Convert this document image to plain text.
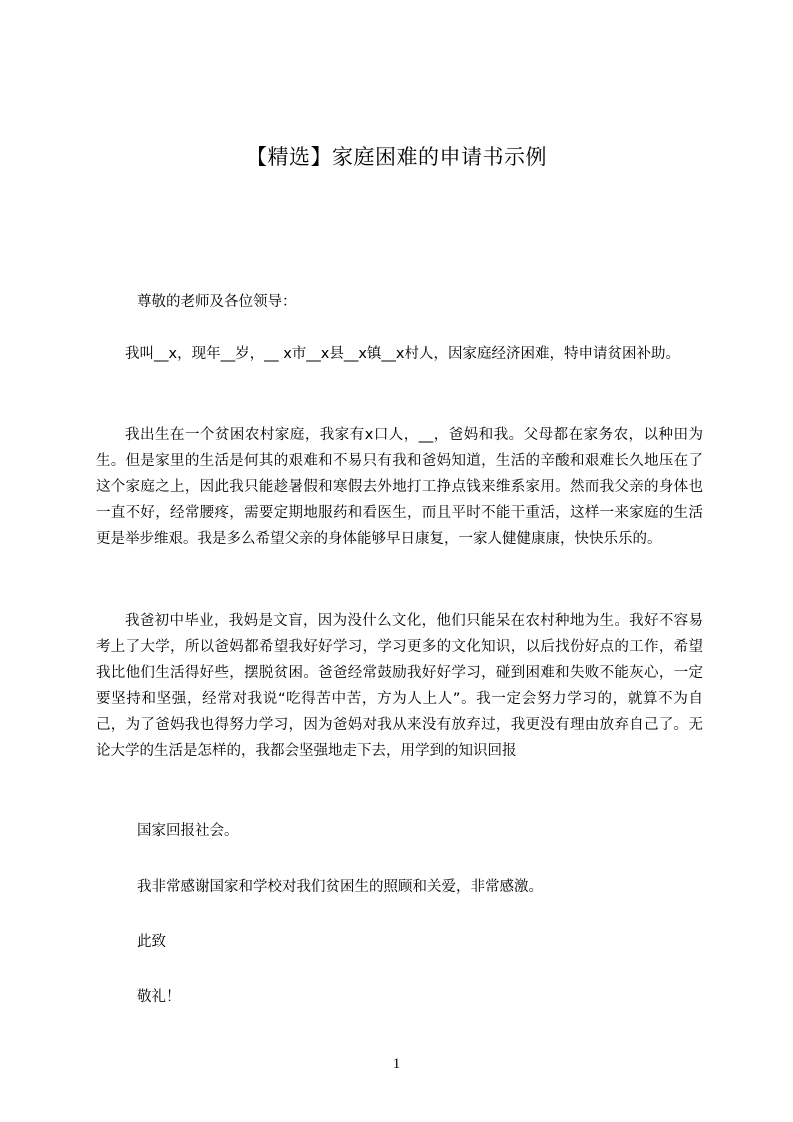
【精选】家庭困难的申请书示例

尊敬的老师及各位领导：

我叫__x，现年__岁，__ x市__x县__x镇__x村人，因家庭经济困难，特申请贫困补助。

我出生在一个贫困农村家庭，我家有x口人，__，爸妈和我。父母都在家务农，以种田为生。但是家里的生活是何其的艰难和不易只有我和爸妈知道，生活的辛酸和艰难长久地压在了这个家庭之上，因此我只能趁暑假和寒假去外地打工挣点钱来维系家用。然而我父亲的身体也一直不好，经常腰疼，需要定期地服药和看医生，而且平时不能干重活，这样一来家庭的生活更是举步维艰。我是多么希望父亲的身体能够早日康复，一家人健健康康，快快乐乐的。

我爸初中毕业，我妈是文盲，因为没什么文化，他们只能呆在农村种地为生。我好不容易考上了大学，所以爸妈都希望我好好学习，学习更多的文化知识，以后找份好点的工作，希望我比他们生活得好些，摆脱贫困。爸爸经常鼓励我好好学习，碰到困难和失败不能灰心，一定要坚持和坚强，经常对我说“吃得苦中苦，方为人上人”。我一定会努力学习的，就算不为自己，为了爸妈我也得努力学习，因为爸妈对我从来没有放弃过，我更没有理由放弃自己了。无论大学的生活是怎样的，我都会坚强地走下去，用学到的知识回报

国家回报社会。

我非常感谢国家和学校对我们贫困生的照顾和关爱，非常感激。

此致

敬礼！

1
